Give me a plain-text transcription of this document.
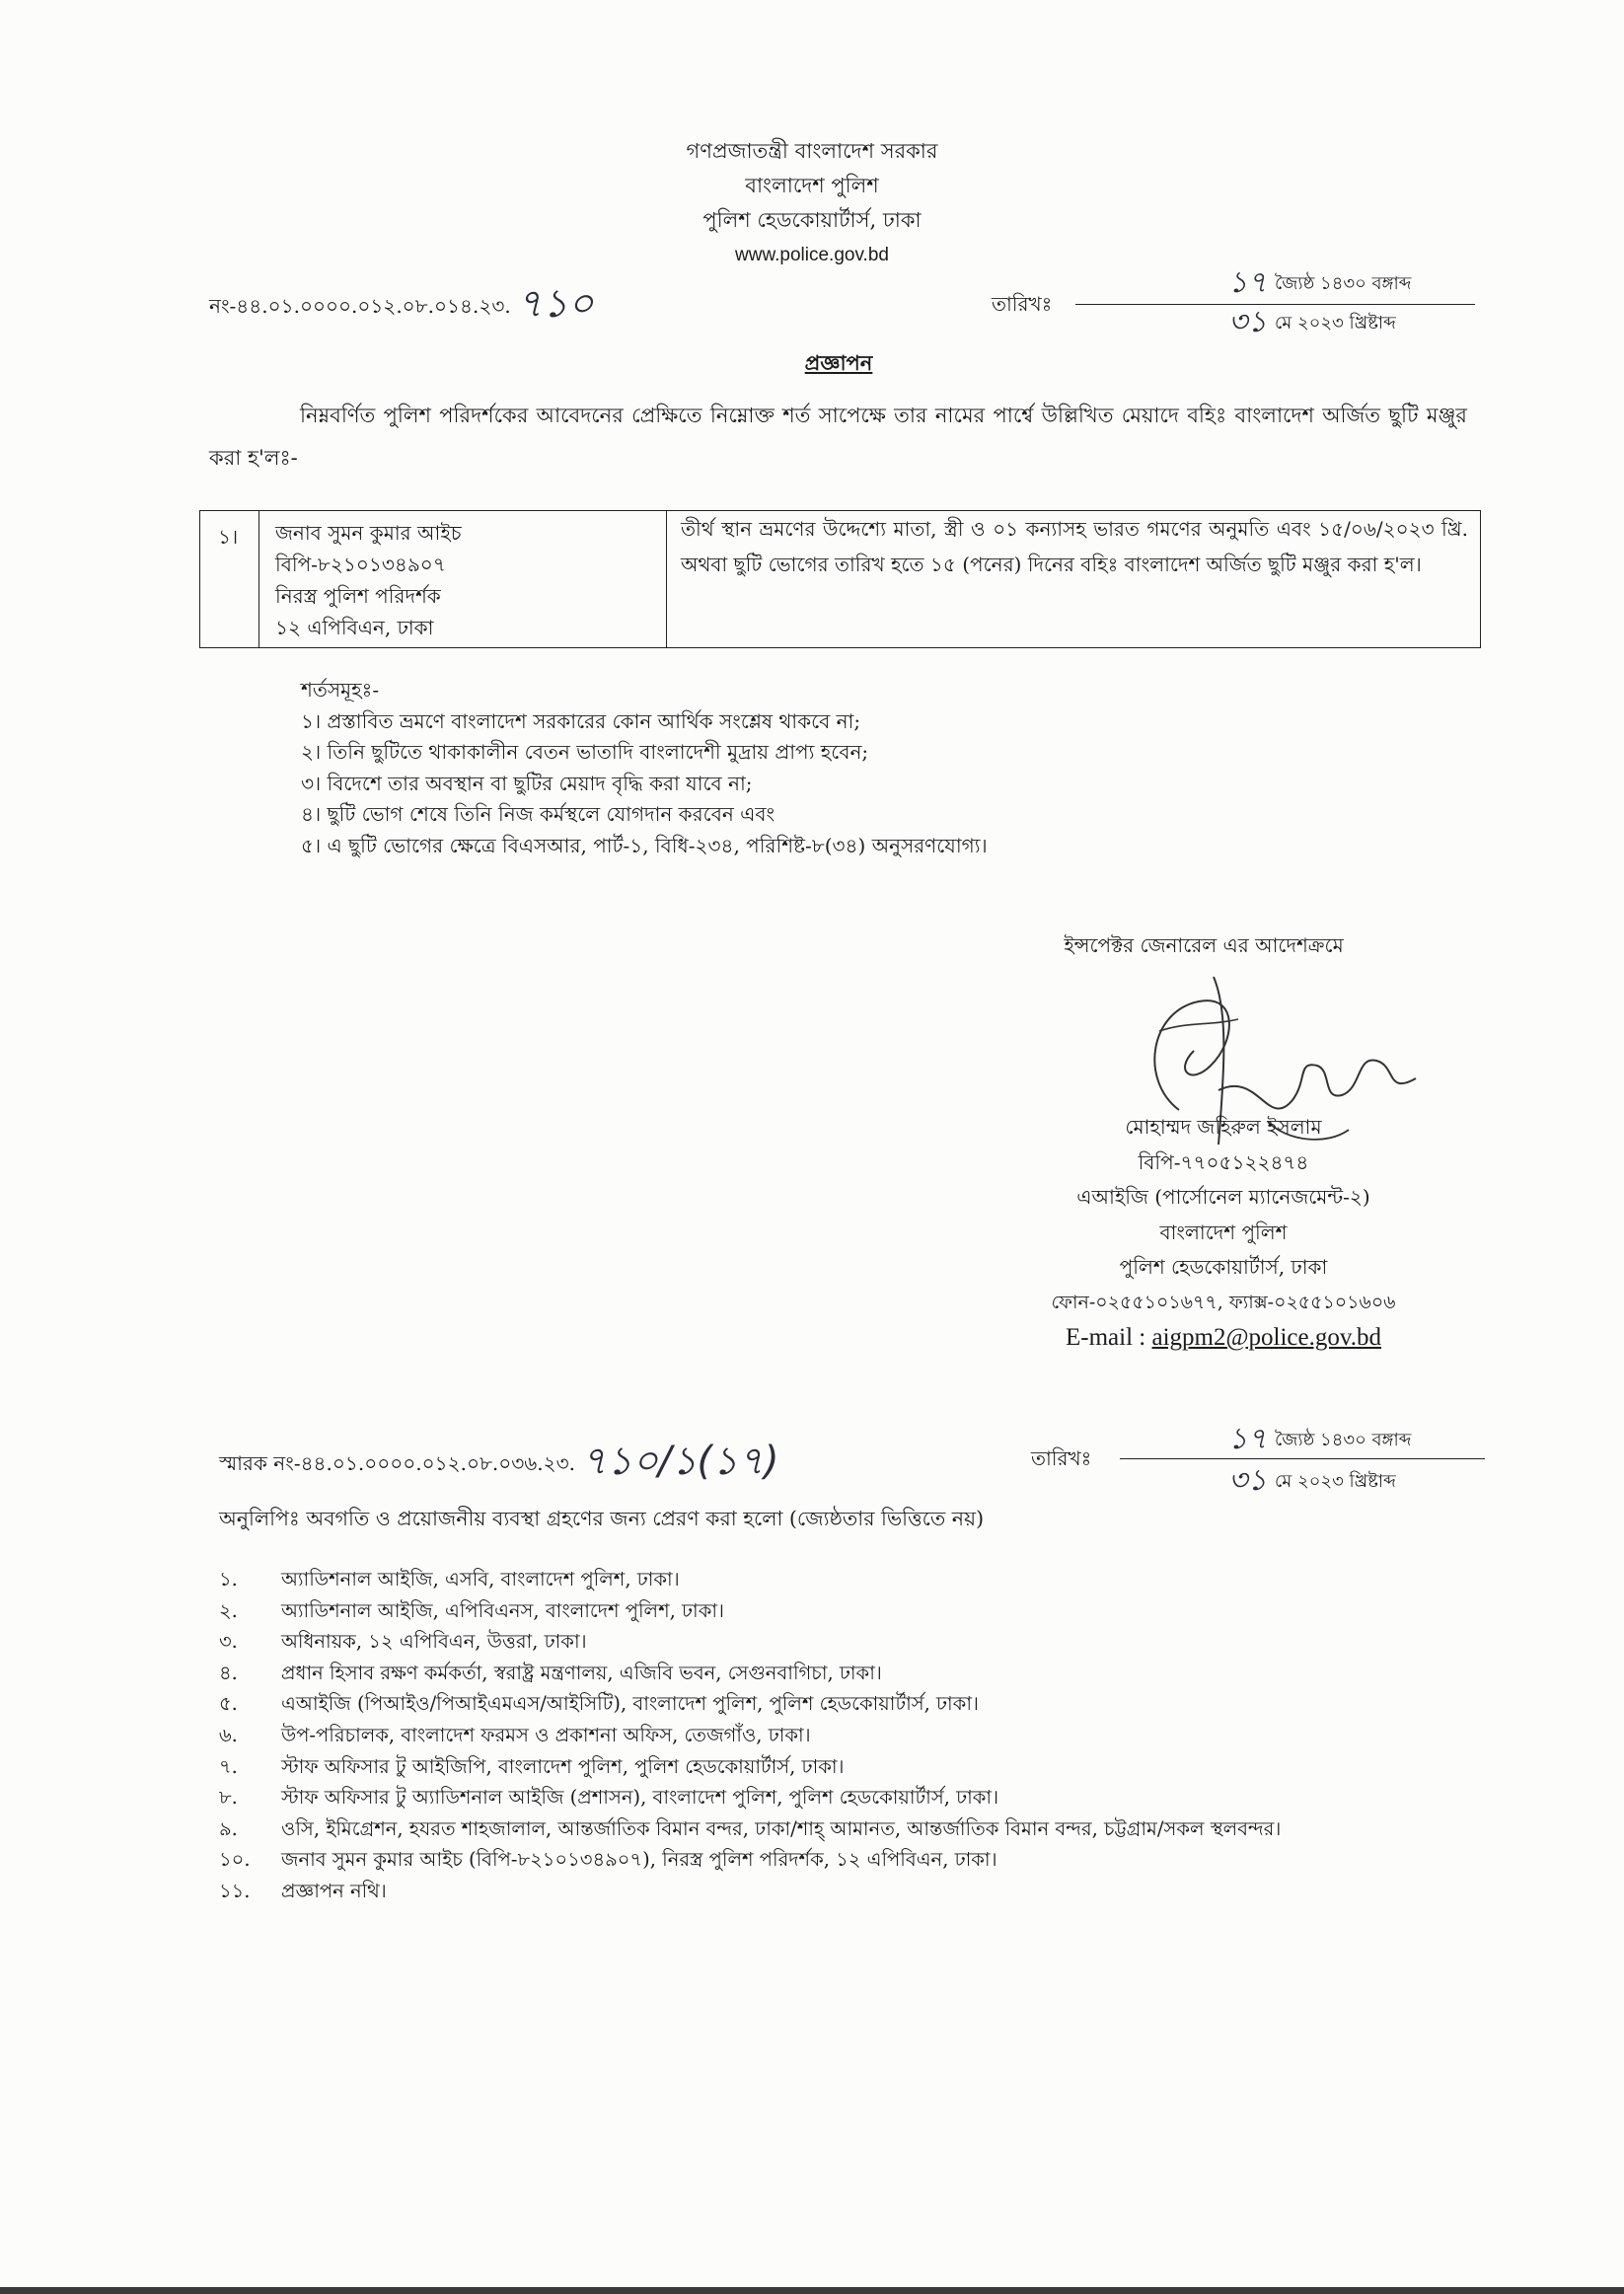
গণপ্রজাতন্ত্রী বাংলাদেশ সরকার
বাংলাদেশ পুলিশ
পুলিশ হেডকোয়ার্টার্স, ঢাকা
www.police.gov.bd
নং-৪৪.০১.০০০০.০১২.০৮.০১৪.২৩. ৭১০	তারিখঃ
১৭ জ্যৈষ্ঠ ১৪৩০ বঙ্গাব্দ
৩১ মে ২০২৩ খ্রিষ্টাব্দ
প্রজ্ঞাপন

নিম্নবর্ণিত পুলিশ পরিদর্শকের আবেদনের প্রেক্ষিতে নিম্নোক্ত শর্ত সাপেক্ষে তার নামের পার্শ্বে উল্লিখিত মেয়াদে বহিঃ বাংলাদেশ অর্জিত ছুটি মঞ্জুর করা হ'লঃ-

১।	জনাব সুমন কুমার আইচ
বিপি-৮২১০১৩৪৯০৭
নিরস্ত্র পুলিশ পরিদর্শক
১২ এপিবিএন, ঢাকা
	তীর্থ স্থান ভ্রমণের উদ্দেশ্যে মাতা, স্ত্রী ও ০১ কন্যাসহ ভারত গমণের অনুমতি এবং ১৫/০৬/২০২৩ খ্রি. অথবা ছুটি ভোগের তারিখ হতে ১৫ (পনের) দিনের বহিঃ বাংলাদেশ অর্জিত ছুটি মঞ্জুর করা হ'ল।
শর্তসমূহঃ-
১। প্রস্তাবিত ভ্রমণে বাংলাদেশ সরকারের কোন আর্থিক সংশ্লেষ থাকবে না;
২। তিনি ছুটিতে থাকাকালীন বেতন ভাতাদি বাংলাদেশী মুদ্রায় প্রাপ্য হবেন;
৩। বিদেশে তার অবস্থান বা ছুটির মেয়াদ বৃদ্ধি করা যাবে না;
৪। ছুটি ভোগ শেষে তিনি নিজ কর্মস্থলে যোগদান করবেন এবং
৫। এ ছুটি ভোগের ক্ষেত্রে বিএসআর, পার্ট-১, বিধি-২৩৪, পরিশিষ্ট-৮(৩৪) অনুসরণযোগ্য।
ইন্সপেক্টর জেনারেল এর আদেশক্রমে
মোহাম্মদ জহিরুল ইসলাম
বিপি-৭৭০৫১২২৪৭৪
এআইজি (পার্সোনেল ম্যানেজমেন্ট-২)
বাংলাদেশ পুলিশ
পুলিশ হেডকোয়ার্টার্স, ঢাকা
ফোন-০২৫৫১০১৬৭৭, ফ্যাক্স-০২৫৫১০১৬০৬
E-mail : aigpm2@police.gov.bd
স্মারক নং-৪৪.০১.০০০০.০১২.০৮.০৩৬.২৩. ৭১০/১(১৭)	তারিখঃ
১৭ জ্যৈষ্ঠ ১৪৩০ বঙ্গাব্দ
৩১ মে ২০২৩ খ্রিষ্টাব্দ
অনুলিপিঃ অবগতি ও প্রয়োজনীয় ব্যবস্থা গ্রহণের জন্য প্রেরণ করা হলো (জ্যেষ্ঠতার ভিত্তিতে নয়)
১.	অ্যাডিশনাল আইজি, এসবি, বাংলাদেশ পুলিশ, ঢাকা।
২.	অ্যাডিশনাল আইজি, এপিবিএনস, বাংলাদেশ পুলিশ, ঢাকা।
৩.	অধিনায়ক, ১২ এপিবিএন, উত্তরা, ঢাকা।
৪.	প্রধান হিসাব রক্ষণ কর্মকর্তা, স্বরাষ্ট্র মন্ত্রণালয়, এজিবি ভবন, সেগুনবাগিচা, ঢাকা।
৫.	এআইজি (পিআইও/পিআইএমএস/আইসিটি), বাংলাদেশ পুলিশ, পুলিশ হেডকোয়ার্টার্স, ঢাকা।
৬.	উপ-পরিচালক, বাংলাদেশ ফরমস ও প্রকাশনা অফিস, তেজগাঁও, ঢাকা।
৭.	স্টাফ অফিসার টু আইজিপি, বাংলাদেশ পুলিশ, পুলিশ হেডকোয়ার্টার্স, ঢাকা।
৮.	স্টাফ অফিসার টু অ্যাডিশনাল আইজি (প্রশাসন), বাংলাদেশ পুলিশ, পুলিশ হেডকোয়ার্টার্স, ঢাকা।
৯.	ওসি, ইমিগ্রেশন, হযরত শাহজালাল, আন্তর্জাতিক বিমান বন্দর, ঢাকা/শাহ্ আমানত, আন্তর্জাতিক বিমান বন্দর, চট্টগ্রাম/সকল স্থলবন্দর।
১০.	জনাব সুমন কুমার আইচ (বিপি-৮২১০১৩৪৯০৭), নিরস্ত্র পুলিশ পরিদর্শক, ১২ এপিবিএন, ঢাকা।
১১.	প্রজ্ঞাপন নথি।
